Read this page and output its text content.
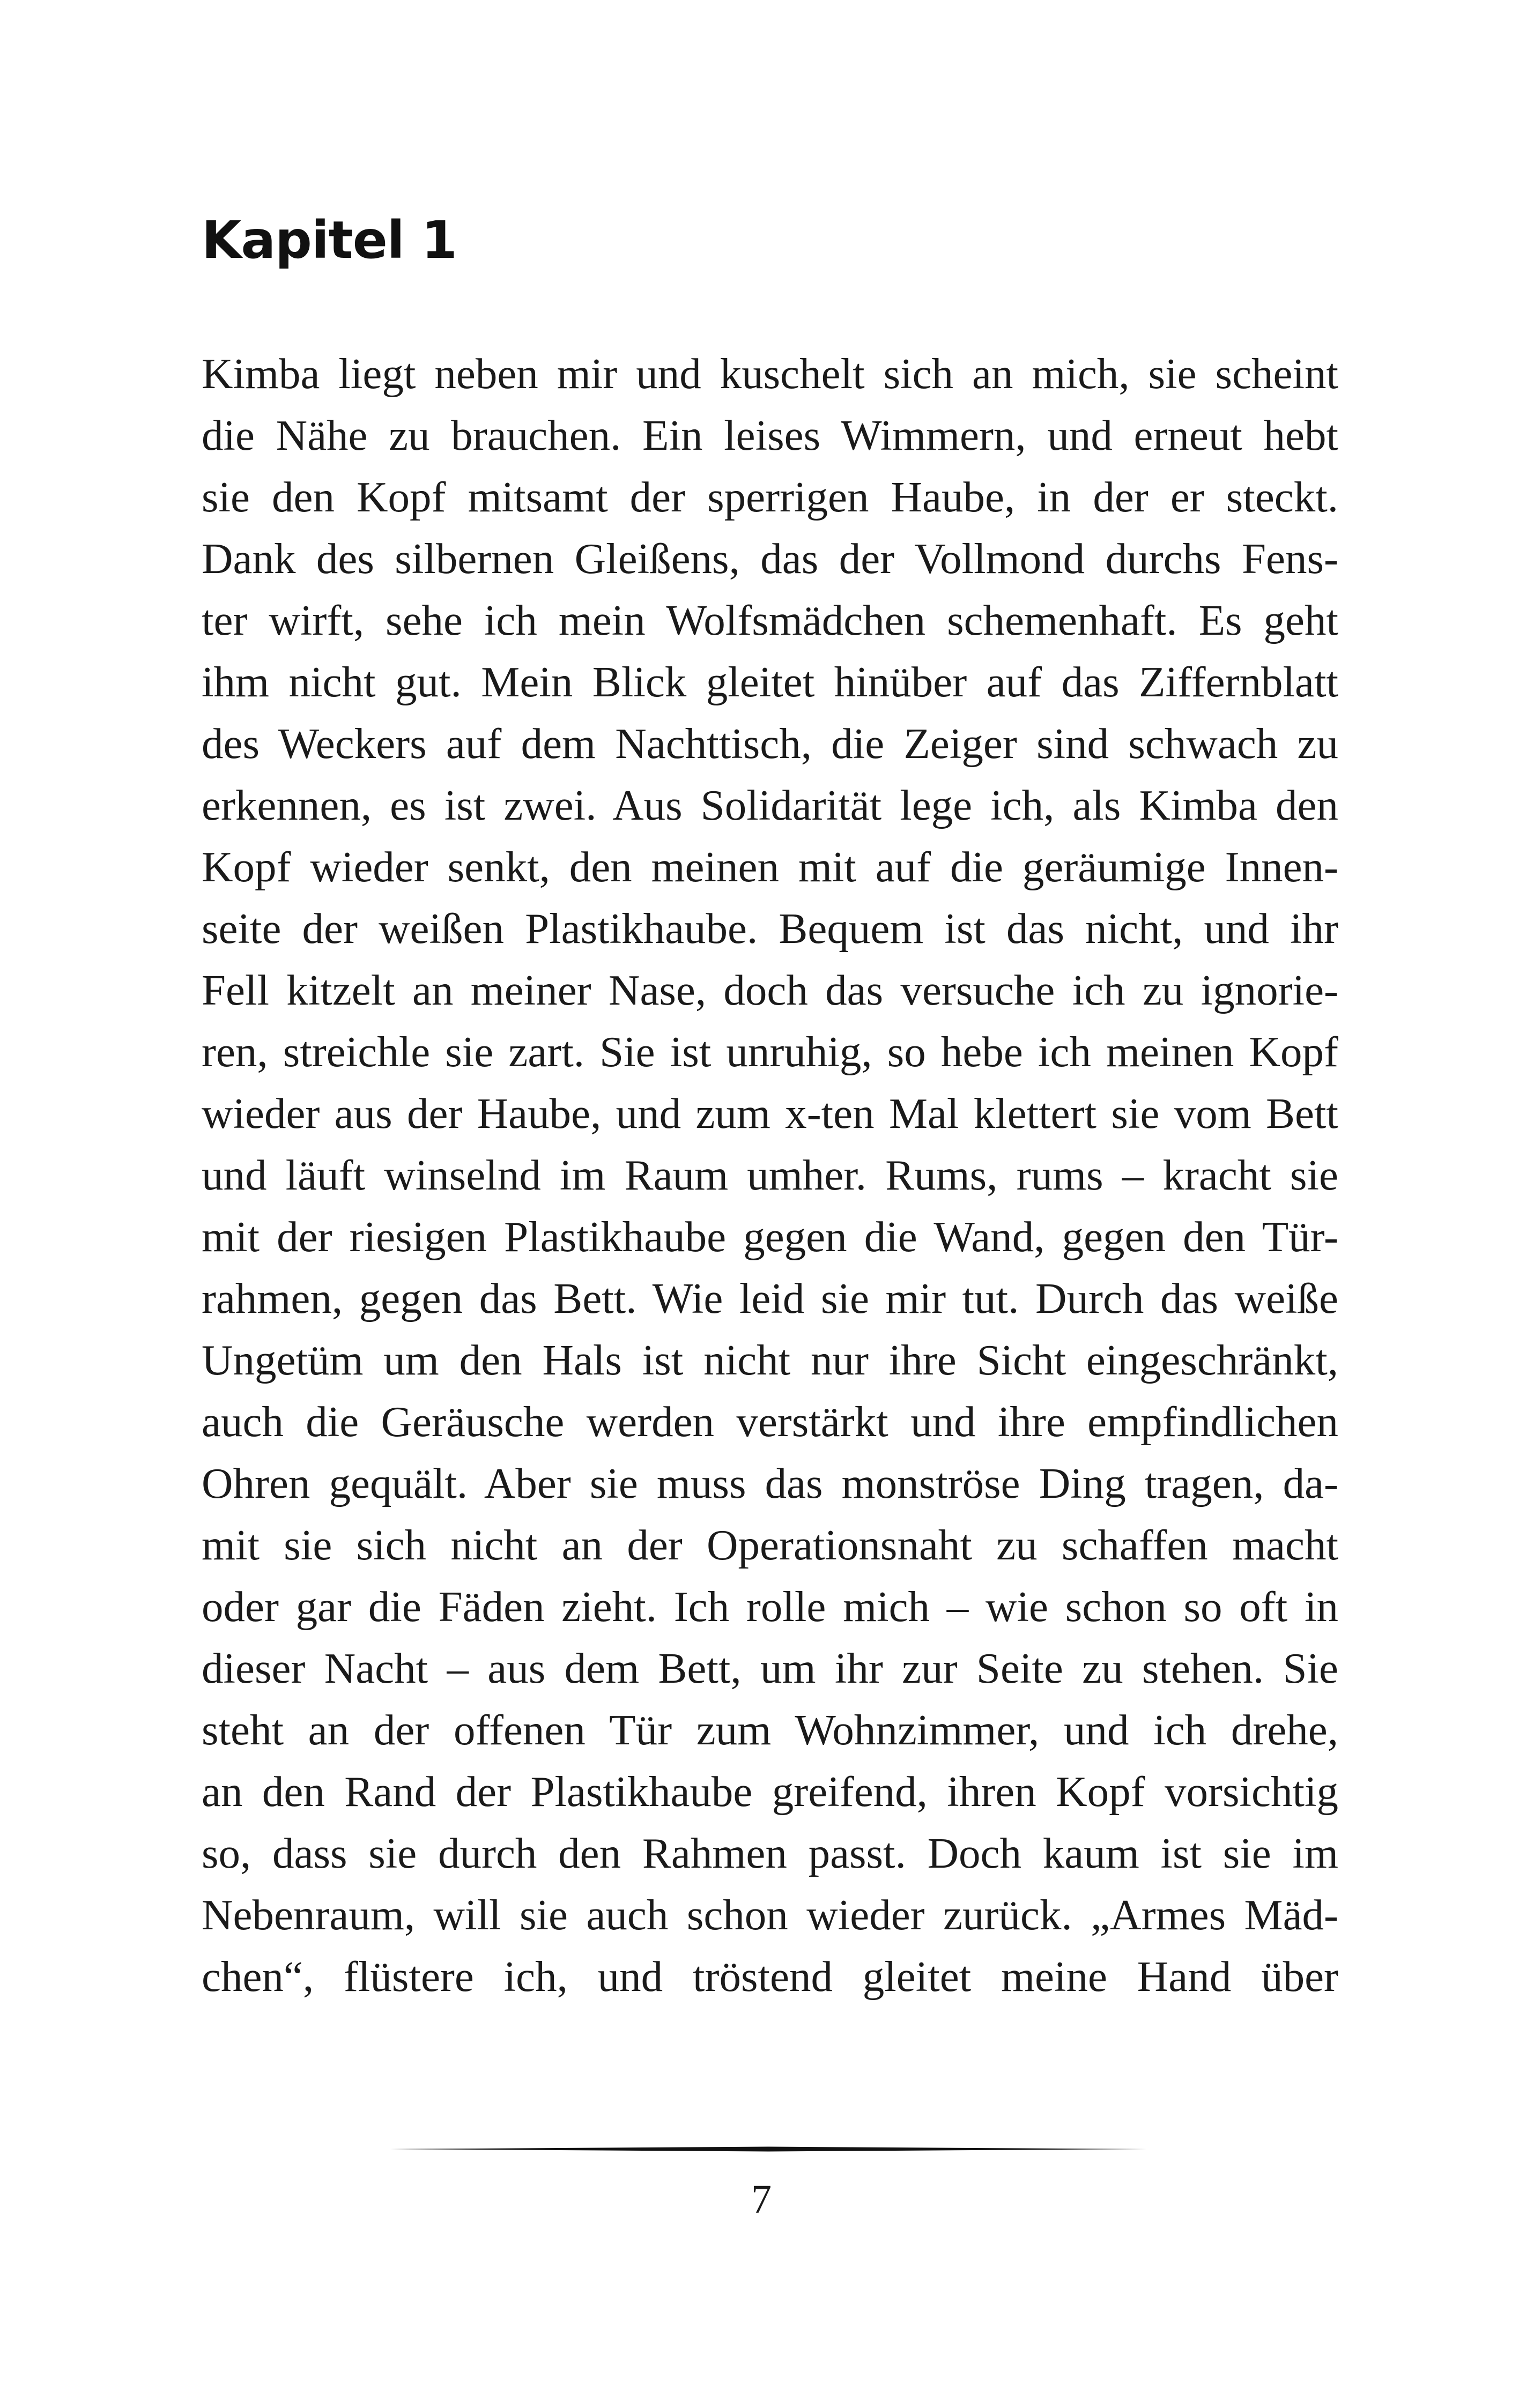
Kapitel 1
Kimba liegt neben mir und kuschelt sich an mich, sie scheint
die Nähe zu brauchen. Ein leises Wimmern, und erneut hebt
sie den Kopf mitsamt der sperrigen Haube, in der er steckt.
Dank des silbernen Gleißens, das der Vollmond durchs Fens-
ter wirft, sehe ich mein Wolfsmädchen schemenhaft. Es geht
ihm nicht gut. Mein Blick gleitet hinüber auf das Ziffernblatt
des Weckers auf dem Nachttisch, die Zeiger sind schwach zu
erkennen, es ist zwei. Aus Solidarität lege ich, als Kimba den
Kopf wieder senkt, den meinen mit auf die geräumige Innen-
seite der weißen Plastikhaube. Bequem ist das nicht, und ihr
Fell kitzelt an meiner Nase, doch das versuche ich zu ignorie-
ren, streichle sie zart. Sie ist unruhig, so hebe ich meinen Kopf
wieder aus der Haube, und zum x-ten Mal klettert sie vom Bett
und läuft winselnd im Raum umher. Rums, rums – kracht sie
mit der riesigen Plastikhaube gegen die Wand, gegen den Tür-
rahmen, gegen das Bett. Wie leid sie mir tut. Durch das weiße
Ungetüm um den Hals ist nicht nur ihre Sicht eingeschränkt,
auch die Geräusche werden verstärkt und ihre empfindlichen
Ohren gequält. Aber sie muss das monströse Ding tragen, da-
mit sie sich nicht an der Operationsnaht zu schaffen macht
oder gar die Fäden zieht. Ich rolle mich – wie schon so oft in
dieser Nacht – aus dem Bett, um ihr zur Seite zu stehen. Sie
steht an der offenen Tür zum Wohnzimmer, und ich drehe,
an den Rand der Plastikhaube greifend, ihren Kopf vorsichtig
so, dass sie durch den Rahmen passt. Doch kaum ist sie im
Nebenraum, will sie auch schon wieder zurück. „Armes Mäd-
chen“, flüstere ich, und tröstend gleitet meine Hand über
7
